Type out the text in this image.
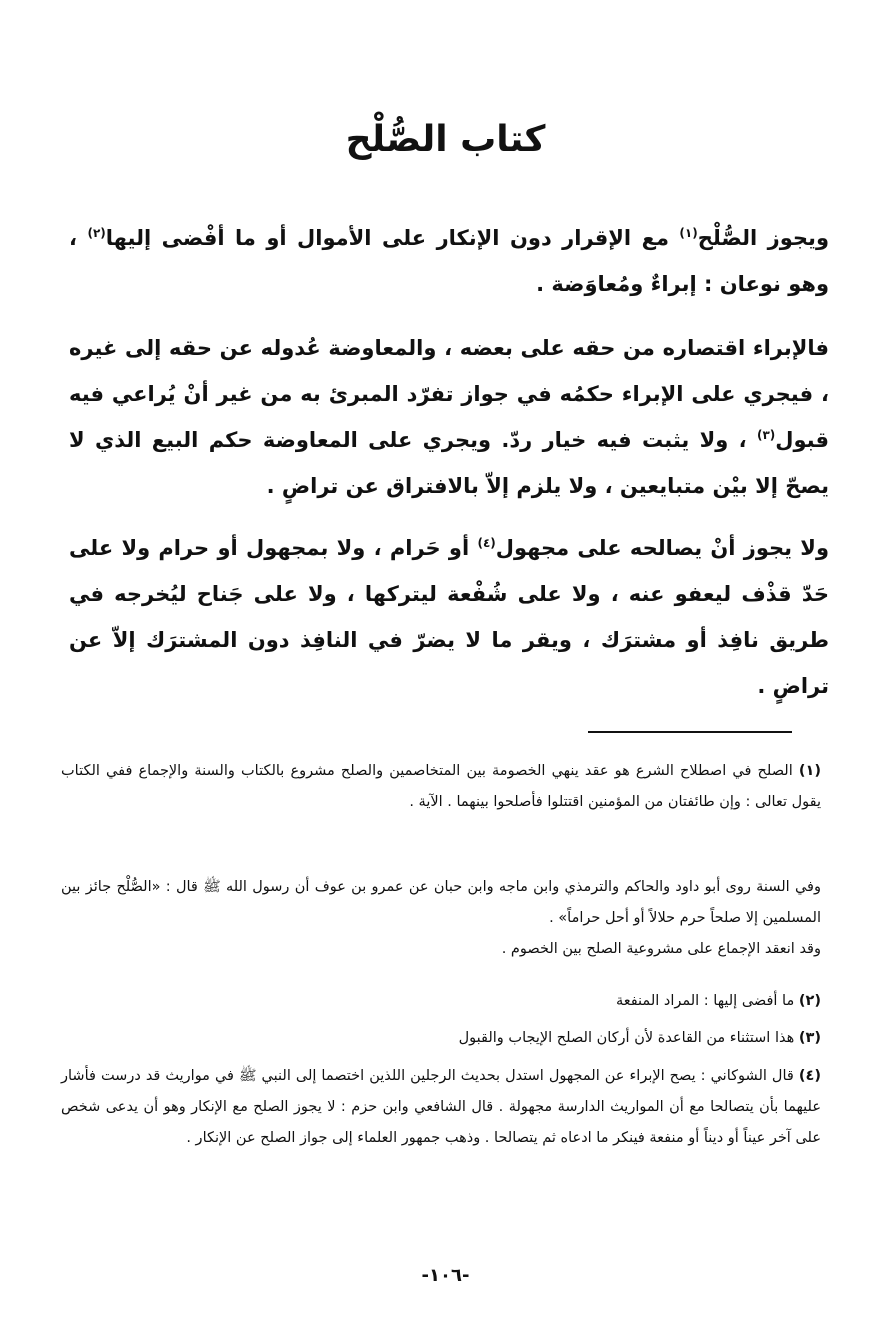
كتاب الصُّلْح

ويجوز الصُّلْح$^{(١)}$ مع الإقرار دون الإنكار على الأموال أو ما أفْضى إليها$^{(٢)}$ ، وهو نوعان : إبراءٌ ومُعاوَضة .

فالإبراء اقتصاره من حقه على بعضه ، والمعاوضة عُدوله عن حقه إلى غيره ، فيجري على الإبراء حكمُه في جواز تفرّد المبرئ به من غير أنْ يُراعي فيه قبول$^{(٣)}$ ، ولا يثبت فيه خيار ردّ. ويجري على المعاوضة حكم البيع الذي لا يصحّ إلا بيْن متبايعين ، ولا يلزم إلاّ بالافتراق عن تراضٍ .

ولا يجوز أنْ يصالحه على مجهول$^{(٤)}$ أو حَرام ، ولا بمجهول أو حرام ولا على حَدّ قذْف ليعفو عنه ، ولا على شُفْعة ليتركها ، ولا على جَناح ليُخرجه في طريق نافِذ أو مشترَك ، ويقر ما لا يضرّ في النافِذ دون المشترَك إلاّ عن تراضٍ .

(١) الصلح في اصطلاح الشرع هو عقد ينهي الخصومة بين المتخاصمين والصلح مشروع بالكتاب والسنة والإجماع ففي الكتاب يقول تعالى : وإن طائفتان من المؤمنين اقتتلوا فأصلحوا بينهما . الآية .

وفي السنة روى أبو داود والحاكم والترمذي وابن ماجه وابن حبان عن عمرو بن عوف أن رسول الله ﷺ قال : «الصُّلْح جائز بين المسلمين إلا صلحاً حرم حلالاً أو أحل حراماً» .
وقد انعقد الإجماع على مشروعية الصلح بين الخصوم .

(٢) ما أفضى إليها : المراد المنفعة

(٣) هذا استثناء من القاعدة لأن أركان الصلح الإيجاب والقبول

(٤) قال الشوكاني : يصح الإبراء عن المجهول استدل بحديث الرجلين اللذين اختصما إلى النبي ﷺ في مواريث قد درست فأشار عليهما بأن يتصالحا مع أن المواريث الدارسة مجهولة . قال الشافعي وابن حزم : لا يجوز الصلح مع الإنكار وهو أن يدعى شخص على آخر عيناً أو ديناً أو منفعة فينكر ما ادعاه ثم يتصالحا . وذهب جمهور العلماء إلى جواز الصلح عن الإنكار .

-١٠٦-
